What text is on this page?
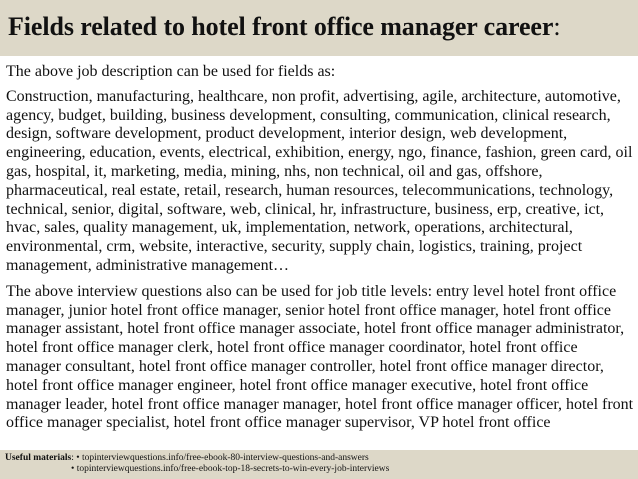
Fields related to hotel front office manager career:

The above job description can be used for fields as:

Construction, manufacturing, healthcare, non profit, advertising, agile, architecture, automotive, agency, budget, building, business development, consulting, communication, clinical research, design, software development, product development, interior design, web development, engineering, education, events, electrical, exhibition, energy, ngo, finance, fashion, green card, oil gas, hospital, it, marketing, media, mining, nhs, non technical, oil and gas, offshore, pharmaceutical, real estate, retail, research, human resources, telecommunications, technology, technical, senior, digital, software, web, clinical, hr, infrastructure, business, erp, creative, ict, hvac, sales, quality management, uk, implementation, network, operations, architectural, environmental, crm, website, interactive, security, supply chain, logistics, training, project management, administrative management…

The above interview questions also can be used for job title levels: entry level hotel front office manager, junior hotel front office manager, senior hotel front office manager, hotel front office manager assistant, hotel front office manager associate, hotel front office manager administrator, hotel front office manager clerk, hotel front office manager coordinator, hotel front office manager consultant, hotel front office manager controller, hotel front office manager director, hotel front office manager engineer, hotel front office manager executive, hotel front office manager leader, hotel front office manager manager, hotel front office manager officer, hotel front office manager specialist, hotel front office manager supervisor, VP hotel front office

Useful materials: • topinterviewquestions.info/free-ebook-80-interview-questions-and-answers
• topinterviewquestions.info/free-ebook-top-18-secrets-to-win-every-job-interviews
